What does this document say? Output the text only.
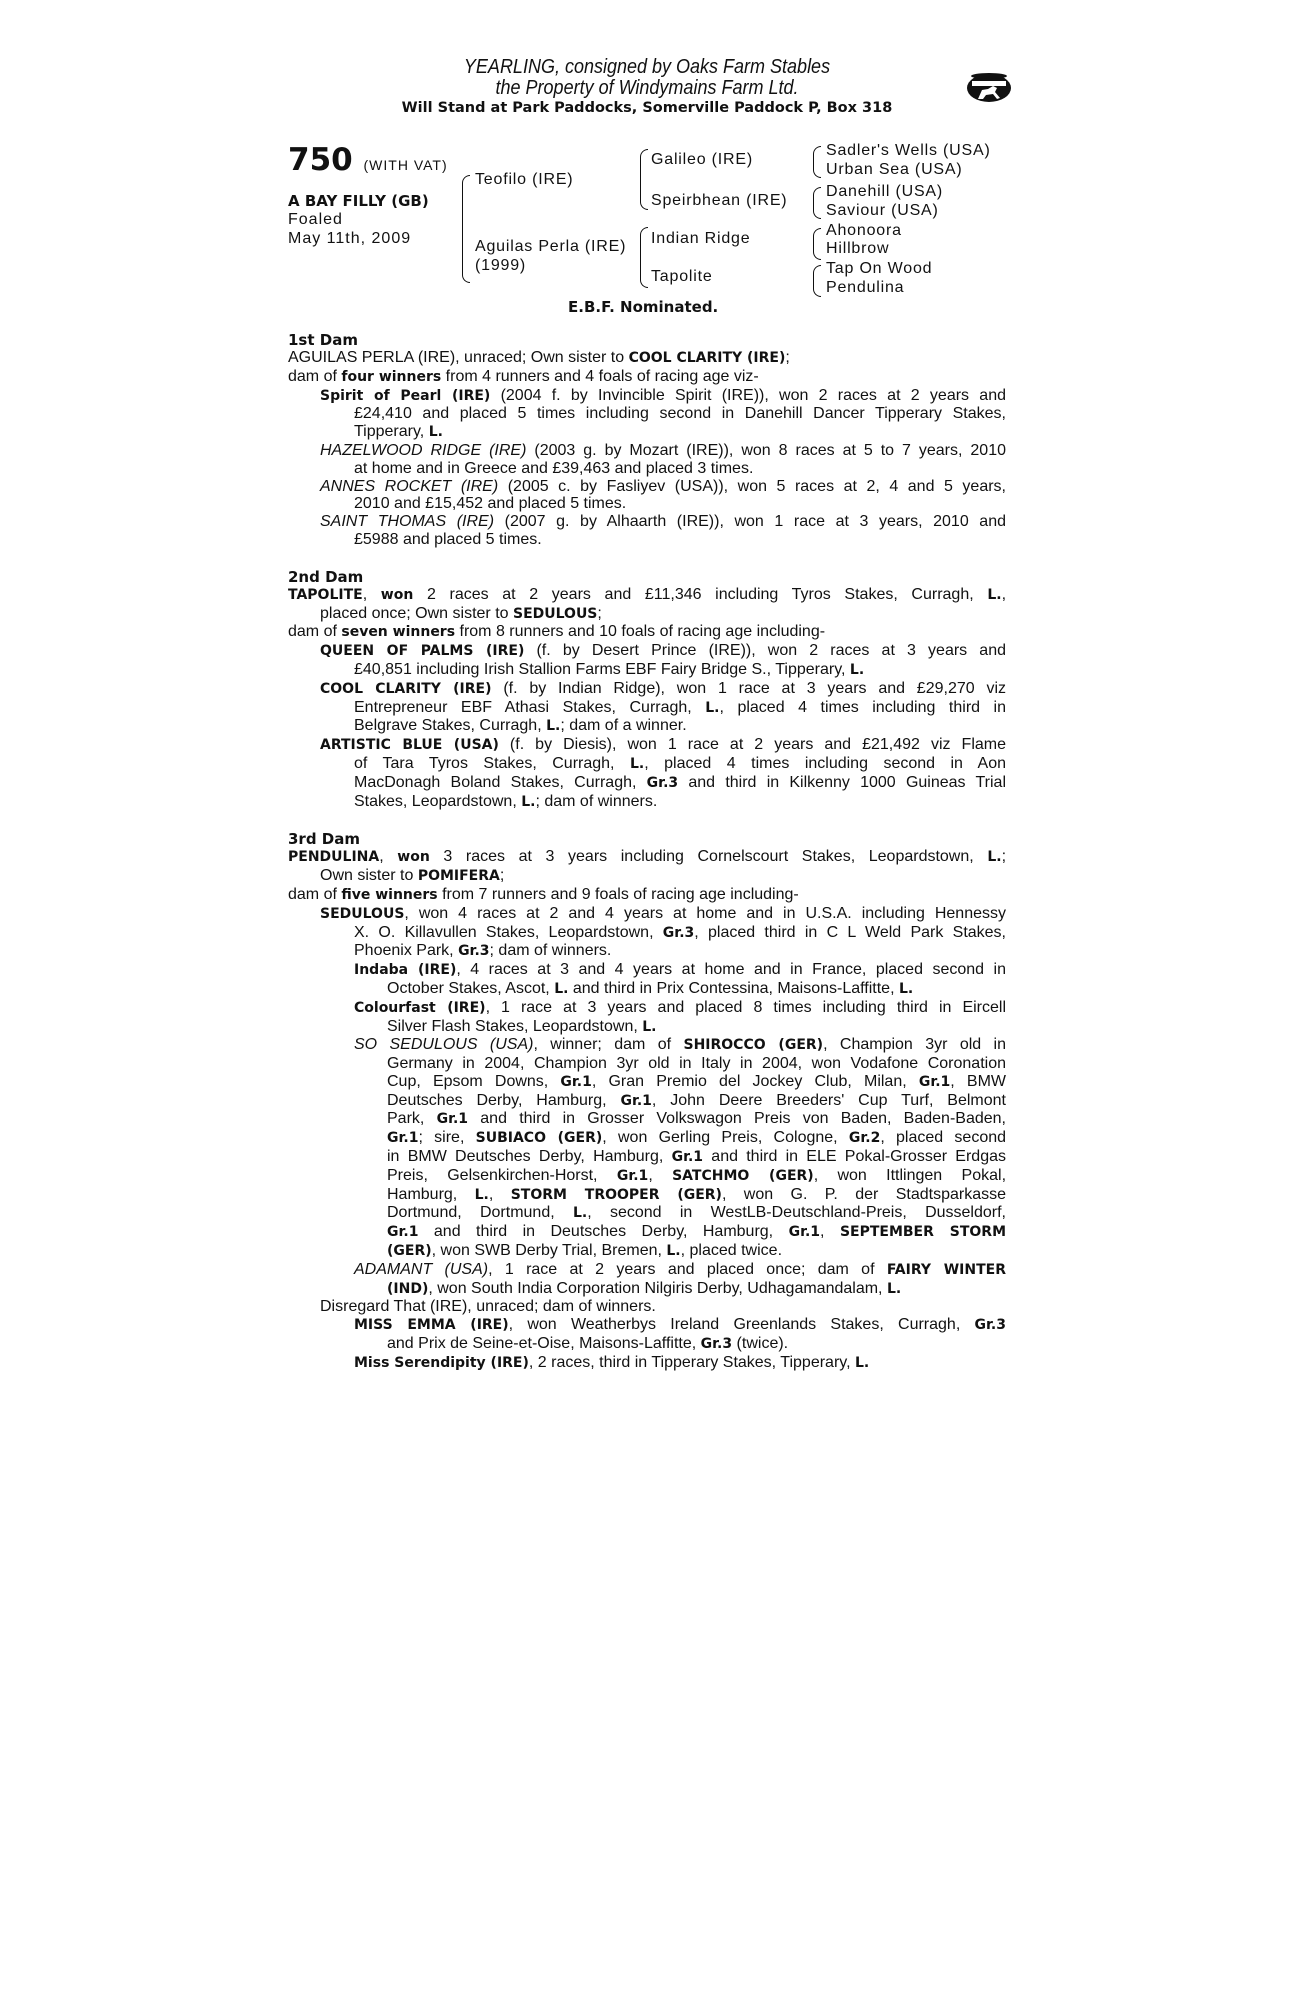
YEARLING, consigned by Oaks Farm Stables
the Property of Windymains Farm Ltd.
Will Stand at Park Paddocks, Somerville Paddock P, Box 318
750 (WITH VAT)
A BAY FILLY (GB)
Foaled
May 11th, 2009
Teofilo (IRE)
Aguilas Perla (IRE)
(1999)
Galileo (IRE)
Speirbhean (IRE)
Indian Ridge
Tapolite
Sadler's Wells (USA)
Urban Sea (USA)
Danehill (USA)
Saviour (USA)
Ahonoora
Hillbrow
Tap On Wood
Pendulina
E.B.F. Nominated.

1st Dam

AGUILAS PERLA (IRE), unraced; Own sister to COOL CLARITY (IRE);

dam of four winners from 4 runners and 4 foals of racing age viz-

Spirit of Pearl (IRE) (2004 f. by Invincible Spirit (IRE)), won 2 races at 2 years and

£24,410 and placed 5 times including second in Danehill Dancer Tipperary Stakes,

Tipperary, L.

HAZELWOOD RIDGE (IRE) (2003 g. by Mozart (IRE)), won 8 races at 5 to 7 years, 2010

at home and in Greece and £39,463 and placed 3 times.

ANNES ROCKET (IRE) (2005 c. by Fasliyev (USA)), won 5 races at 2, 4 and 5 years,

2010 and £15,452 and placed 5 times.

SAINT THOMAS (IRE) (2007 g. by Alhaarth (IRE)), won 1 race at 3 years, 2010 and

£5988 and placed 5 times.

2nd Dam

TAPOLITE, won 2 races at 2 years and £11,346 including Tyros Stakes, Curragh, L.,

placed once; Own sister to SEDULOUS;

dam of seven winners from 8 runners and 10 foals of racing age including-

QUEEN OF PALMS (IRE) (f. by Desert Prince (IRE)), won 2 races at 3 years and

£40,851 including Irish Stallion Farms EBF Fairy Bridge S., Tipperary, L.

COOL CLARITY (IRE) (f. by Indian Ridge), won 1 race at 3 years and £29,270 viz

Entrepreneur EBF Athasi Stakes, Curragh, L., placed 4 times including third in

Belgrave Stakes, Curragh, L.; dam of a winner.

ARTISTIC BLUE (USA) (f. by Diesis), won 1 race at 2 years and £21,492 viz Flame

of Tara Tyros Stakes, Curragh, L., placed 4 times including second in Aon

MacDonagh Boland Stakes, Curragh, Gr.3 and third in Kilkenny 1000 Guineas Trial

Stakes, Leopardstown, L.; dam of winners.

3rd Dam

PENDULINA, won 3 races at 3 years including Cornelscourt Stakes, Leopardstown, L.;

Own sister to POMIFERA;

dam of five winners from 7 runners and 9 foals of racing age including-

SEDULOUS, won 4 races at 2 and 4 years at home and in U.S.A. including Hennessy

X. O. Killavullen Stakes, Leopardstown, Gr.3, placed third in C L Weld Park Stakes,

Phoenix Park, Gr.3; dam of winners.

Indaba (IRE), 4 races at 3 and 4 years at home and in France, placed second in

October Stakes, Ascot, L. and third in Prix Contessina, Maisons-Laffitte, L.

Colourfast (IRE), 1 race at 3 years and placed 8 times including third in Eircell

Silver Flash Stakes, Leopardstown, L.

SO SEDULOUS (USA), winner; dam of SHIROCCO (GER), Champion 3yr old in

Germany in 2004, Champion 3yr old in Italy in 2004, won Vodafone Coronation

Cup, Epsom Downs, Gr.1, Gran Premio del Jockey Club, Milan, Gr.1, BMW

Deutsches Derby, Hamburg, Gr.1, John Deere Breeders' Cup Turf, Belmont

Park, Gr.1 and third in Grosser Volkswagon Preis von Baden, Baden-Baden,

Gr.1; sire, SUBIACO (GER), won Gerling Preis, Cologne, Gr.2, placed second

in BMW Deutsches Derby, Hamburg, Gr.1 and third in ELE Pokal-Grosser Erdgas

Preis, Gelsenkirchen-Horst, Gr.1, SATCHMO (GER), won Ittlingen Pokal,

Hamburg, L., STORM TROOPER (GER), won G. P. der Stadtsparkasse

Dortmund, Dortmund, L., second in WestLB-Deutschland-Preis, Dusseldorf,

Gr.1 and third in Deutsches Derby, Hamburg, Gr.1, SEPTEMBER STORM

(GER), won SWB Derby Trial, Bremen, L., placed twice.

ADAMANT (USA), 1 race at 2 years and placed once; dam of FAIRY WINTER

(IND), won South India Corporation Nilgiris Derby, Udhagamandalam, L.

Disregard That (IRE), unraced; dam of winners.

MISS EMMA (IRE), won Weatherbys Ireland Greenlands Stakes, Curragh, Gr.3

and Prix de Seine-et-Oise, Maisons-Laffitte, Gr.3 (twice).

Miss Serendipity (IRE), 2 races, third in Tipperary Stakes, Tipperary, L.
